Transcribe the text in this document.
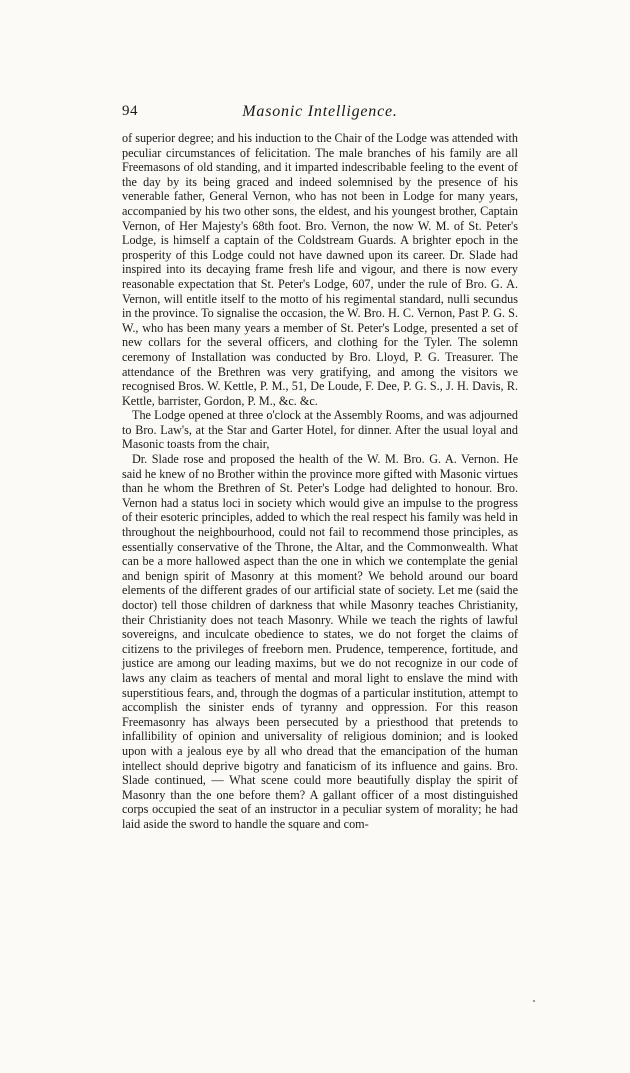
94	Masonic Intelligence.

of superior degree; and his induction to the Chair of the Lodge was attended with peculiar circumstances of felicitation. The male branches of his family are all Freemasons of old standing, and it imparted indescribable feeling to the event of the day by its being graced and indeed solemnised by the presence of his venerable father, General Vernon, who has not been in Lodge for many years, accompanied by his two other sons, the eldest, and his youngest brother, Captain Vernon, of Her Majesty's 68th foot. Bro. Vernon, the now W. M. of St. Peter's Lodge, is himself a captain of the Coldstream Guards. A brighter epoch in the prosperity of this Lodge could not have dawned upon its career. Dr. Slade had inspired into its decaying frame fresh life and vigour, and there is now every reasonable expectation that St. Peter's Lodge, 607, under the rule of Bro. G. A. Vernon, will entitle itself to the motto of his regimental standard, nulli secundus in the province. To signalise the occasion, the W. Bro. H. C. Vernon, Past P. G. S. W., who has been many years a member of St. Peter's Lodge, presented a set of new collars for the several officers, and clothing for the Tyler. The solemn ceremony of Installation was conducted by Bro. Lloyd, P. G. Treasurer. The attendance of the Brethren was very gratifying, and among the visitors we recognised Bros. W. Kettle, P. M., 51, De Loude, F. Dee, P. G. S., J. H. Davis, R. Kettle, barrister, Gordon, P. M., &c. &c.

The Lodge opened at three o'clock at the Assembly Rooms, and was adjourned to Bro. Law's, at the Star and Garter Hotel, for dinner. After the usual loyal and Masonic toasts from the chair,

Dr. Slade rose and proposed the health of the W. M. Bro. G. A. Vernon. He said he knew of no Brother within the province more gifted with Masonic virtues than he whom the Brethren of St. Peter's Lodge had delighted to honour. Bro. Vernon had a status loci in society which would give an impulse to the progress of their esoteric principles, added to which the real respect his family was held in throughout the neighbourhood, could not fail to recommend those principles, as essentially conservative of the Throne, the Altar, and the Commonwealth. What can be a more hallowed aspect than the one in which we contemplate the genial and benign spirit of Masonry at this moment? We behold around our board elements of the different grades of our artificial state of society. Let me (said the doctor) tell those children of darkness that while Masonry teaches Christianity, their Christianity does not teach Masonry. While we teach the rights of lawful sovereigns, and inculcate obedience to states, we do not forget the claims of citizens to the privileges of freeborn men. Prudence, temperence, fortitude, and justice are among our leading maxims, but we do not recognize in our code of laws any claim as teachers of mental and moral light to enslave the mind with superstitious fears, and, through the dogmas of a particular institution, attempt to accomplish the sinister ends of tyranny and oppression. For this reason Freemasonry has always been persecuted by a priesthood that pretends to infallibility of opinion and universality of religious dominion; and is looked upon with a jealous eye by all who dread that the emancipation of the human intellect should deprive bigotry and fanaticism of its influence and gains. Bro. Slade continued, — What scene could more beautifully display the spirit of Masonry than the one before them? A gallant officer of a most distinguished corps occupied the seat of an instructor in a peculiar system of morality; he had laid aside the sword to handle the square and com-
